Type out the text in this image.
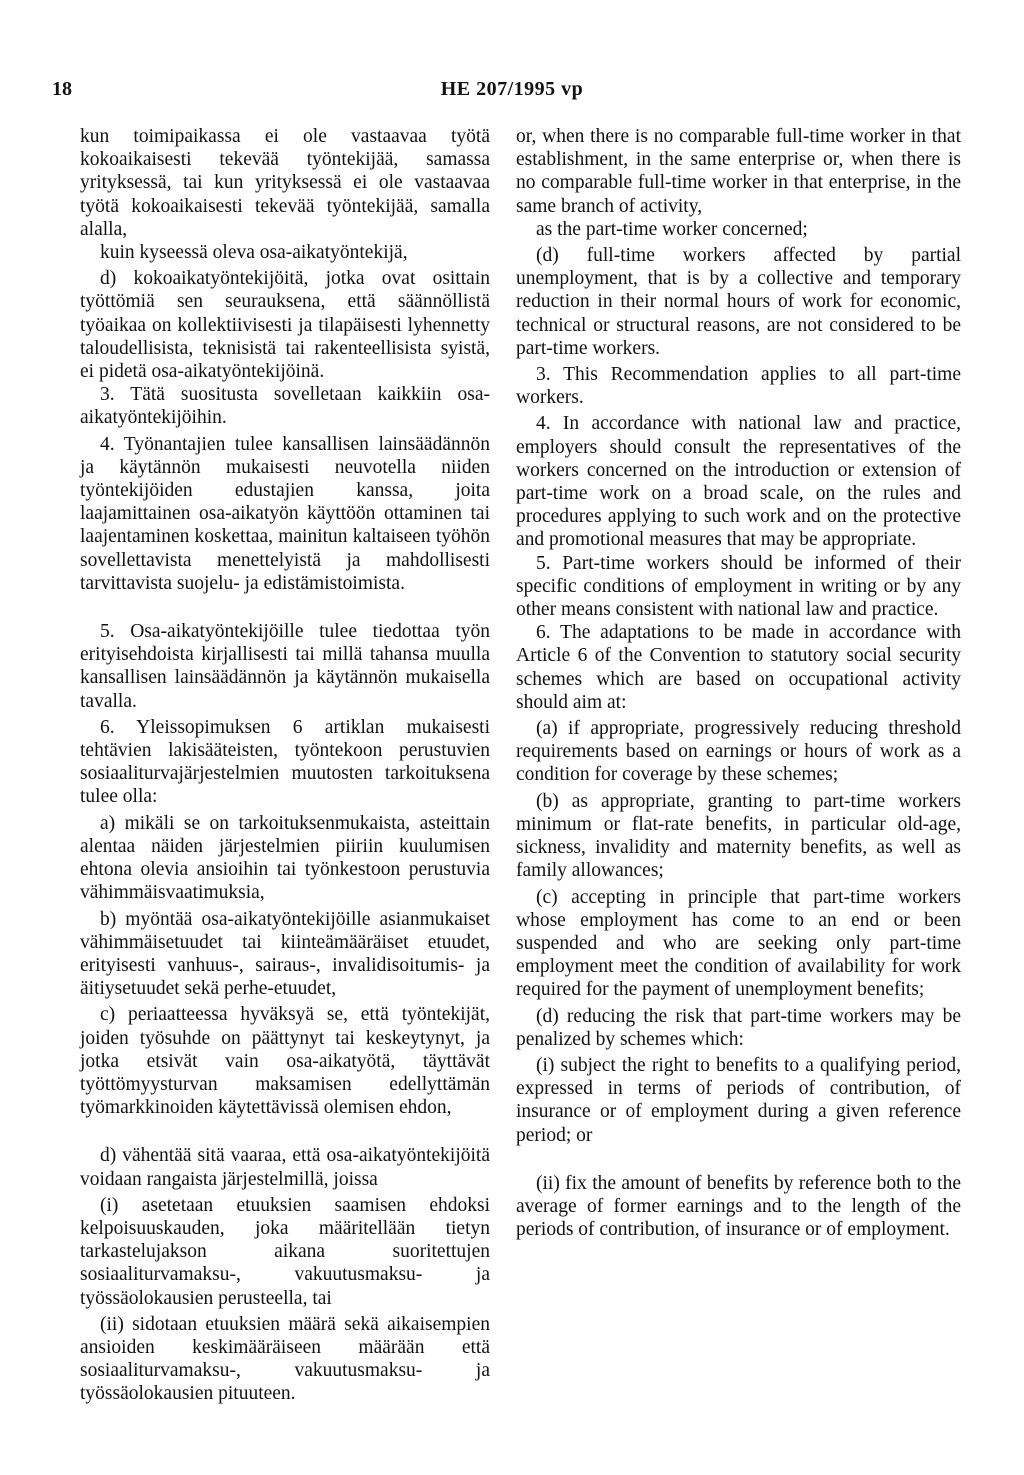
18	HE 207/1995 vp

kun toimipaikassa ei ole vastaavaa työtä kokoaikaisesti tekevää työntekijää, samassa yrityksessä, tai kun yrityksessä ei ole vastaavaa työtä kokoaikaisesti tekevää työntekijää, samalla alalla,

kuin kyseessä oleva osa-aikatyöntekijä,

d) kokoaikatyöntekijöitä, jotka ovat osittain työttömiä sen seurauksena, että säännöllistä työaikaa on kollektiivisesti ja tilapäisesti lyhennetty taloudellisista, teknisistä tai rakenteellisista syistä, ei pidetä osa-aikatyöntekijöinä.

3. Tätä suositusta sovelletaan kaikkiin osa-aikatyöntekijöihin.

4. Työnantajien tulee kansallisen lainsäädännön ja käytännön mukaisesti neuvotella niiden työntekijöiden edustajien kanssa, joita laajamittainen osa-aikatyön käyttöön ottaminen tai laajentaminen koskettaa, mainitun kaltaiseen työhön sovellettavista menettelyistä ja mahdollisesti tarvittavista suojelu- ja edistämistoimista.

5. Osa-aikatyöntekijöille tulee tiedottaa työn erityisehdoista kirjallisesti tai millä tahansa muulla kansallisen lainsäädännön ja käytännön mukaisella tavalla.

6. Yleissopimuksen 6 artiklan mukaisesti tehtävien lakisääteisten, työntekoon perustuvien sosiaaliturvajärjestelmien muutosten tarkoituksena tulee olla:

a) mikäli se on tarkoituksenmukaista, asteittain alentaa näiden järjestelmien piiriin kuulumisen ehtona olevia ansioihin tai työnkestoon perustuvia vähimmäisvaatimuksia,

b) myöntää osa-aikatyöntekijöille asianmukaiset vähimmäisetuudet tai kiinteämääräiset etuudet, erityisesti vanhuus-, sairaus-, invalidisoitumis- ja äitiysetuudet sekä perhe-etuudet,

c) periaatteessa hyväksyä se, että työntekijät, joiden työsuhde on päättynyt tai keskeytynyt, ja jotka etsivät vain osa-aikatyötä, täyttävät työttömyysturvan maksamisen edellyttämän työmarkkinoiden käytettävissä olemisen ehdon,

d) vähentää sitä vaaraa, että osa-aikatyöntekijöitä voidaan rangaista järjestelmillä, joissa

(i) asetetaan etuuksien saamisen ehdoksi kelpoisuuskauden, joka määritellään tietyn tarkastelujakson aikana suoritettujen sosiaaliturvamaksu-, vakuutusmaksu- ja työssäolokausien perusteella, tai

(ii) sidotaan etuuksien määrä sekä aikaisempien ansioiden keskimääräiseen määrään että sosiaaliturvamaksu-, vakuutusmaksu- ja työssäolokausien pituuteen.

or, when there is no comparable full-time worker in that establishment, in the same enterprise or, when there is no comparable full-time worker in that enterprise, in the same branch of activity,

as the part-time worker concerned;

(d) full-time workers affected by partial unemployment, that is by a collective and temporary reduction in their normal hours of work for economic, technical or structural reasons, are not considered to be part-time workers.

3. This Recommendation applies to all part-time workers.

4. In accordance with national law and practice, employers should consult the representatives of the workers concerned on the introduction or extension of part-time work on a broad scale, on the rules and procedures applying to such work and on the protective and promotional measures that may be appropriate.

5. Part-time workers should be informed of their specific conditions of employment in writing or by any other means consistent with national law and practice.

6. The adaptations to be made in accordance with Article 6 of the Convention to statutory social security schemes which are based on occupational activity should aim at:

(a) if appropriate, progressively reducing threshold requirements based on earnings or hours of work as a condition for coverage by these schemes;

(b) as appropriate, granting to part-time workers minimum or flat-rate benefits, in particular old-age, sickness, invalidity and maternity benefits, as well as family allowances;

(c) accepting in principle that part-time workers whose employment has come to an end or been suspended and who are seeking only part-time employment meet the condition of availability for work required for the payment of unemployment benefits;

(d) reducing the risk that part-time workers may be penalized by schemes which:

(i) subject the right to benefits to a qualifying period, expressed in terms of periods of contribution, of insurance or of employment during a given reference period; or

(ii) fix the amount of benefits by reference both to the average of former earnings and to the length of the periods of contribution, of insurance or of employment.
